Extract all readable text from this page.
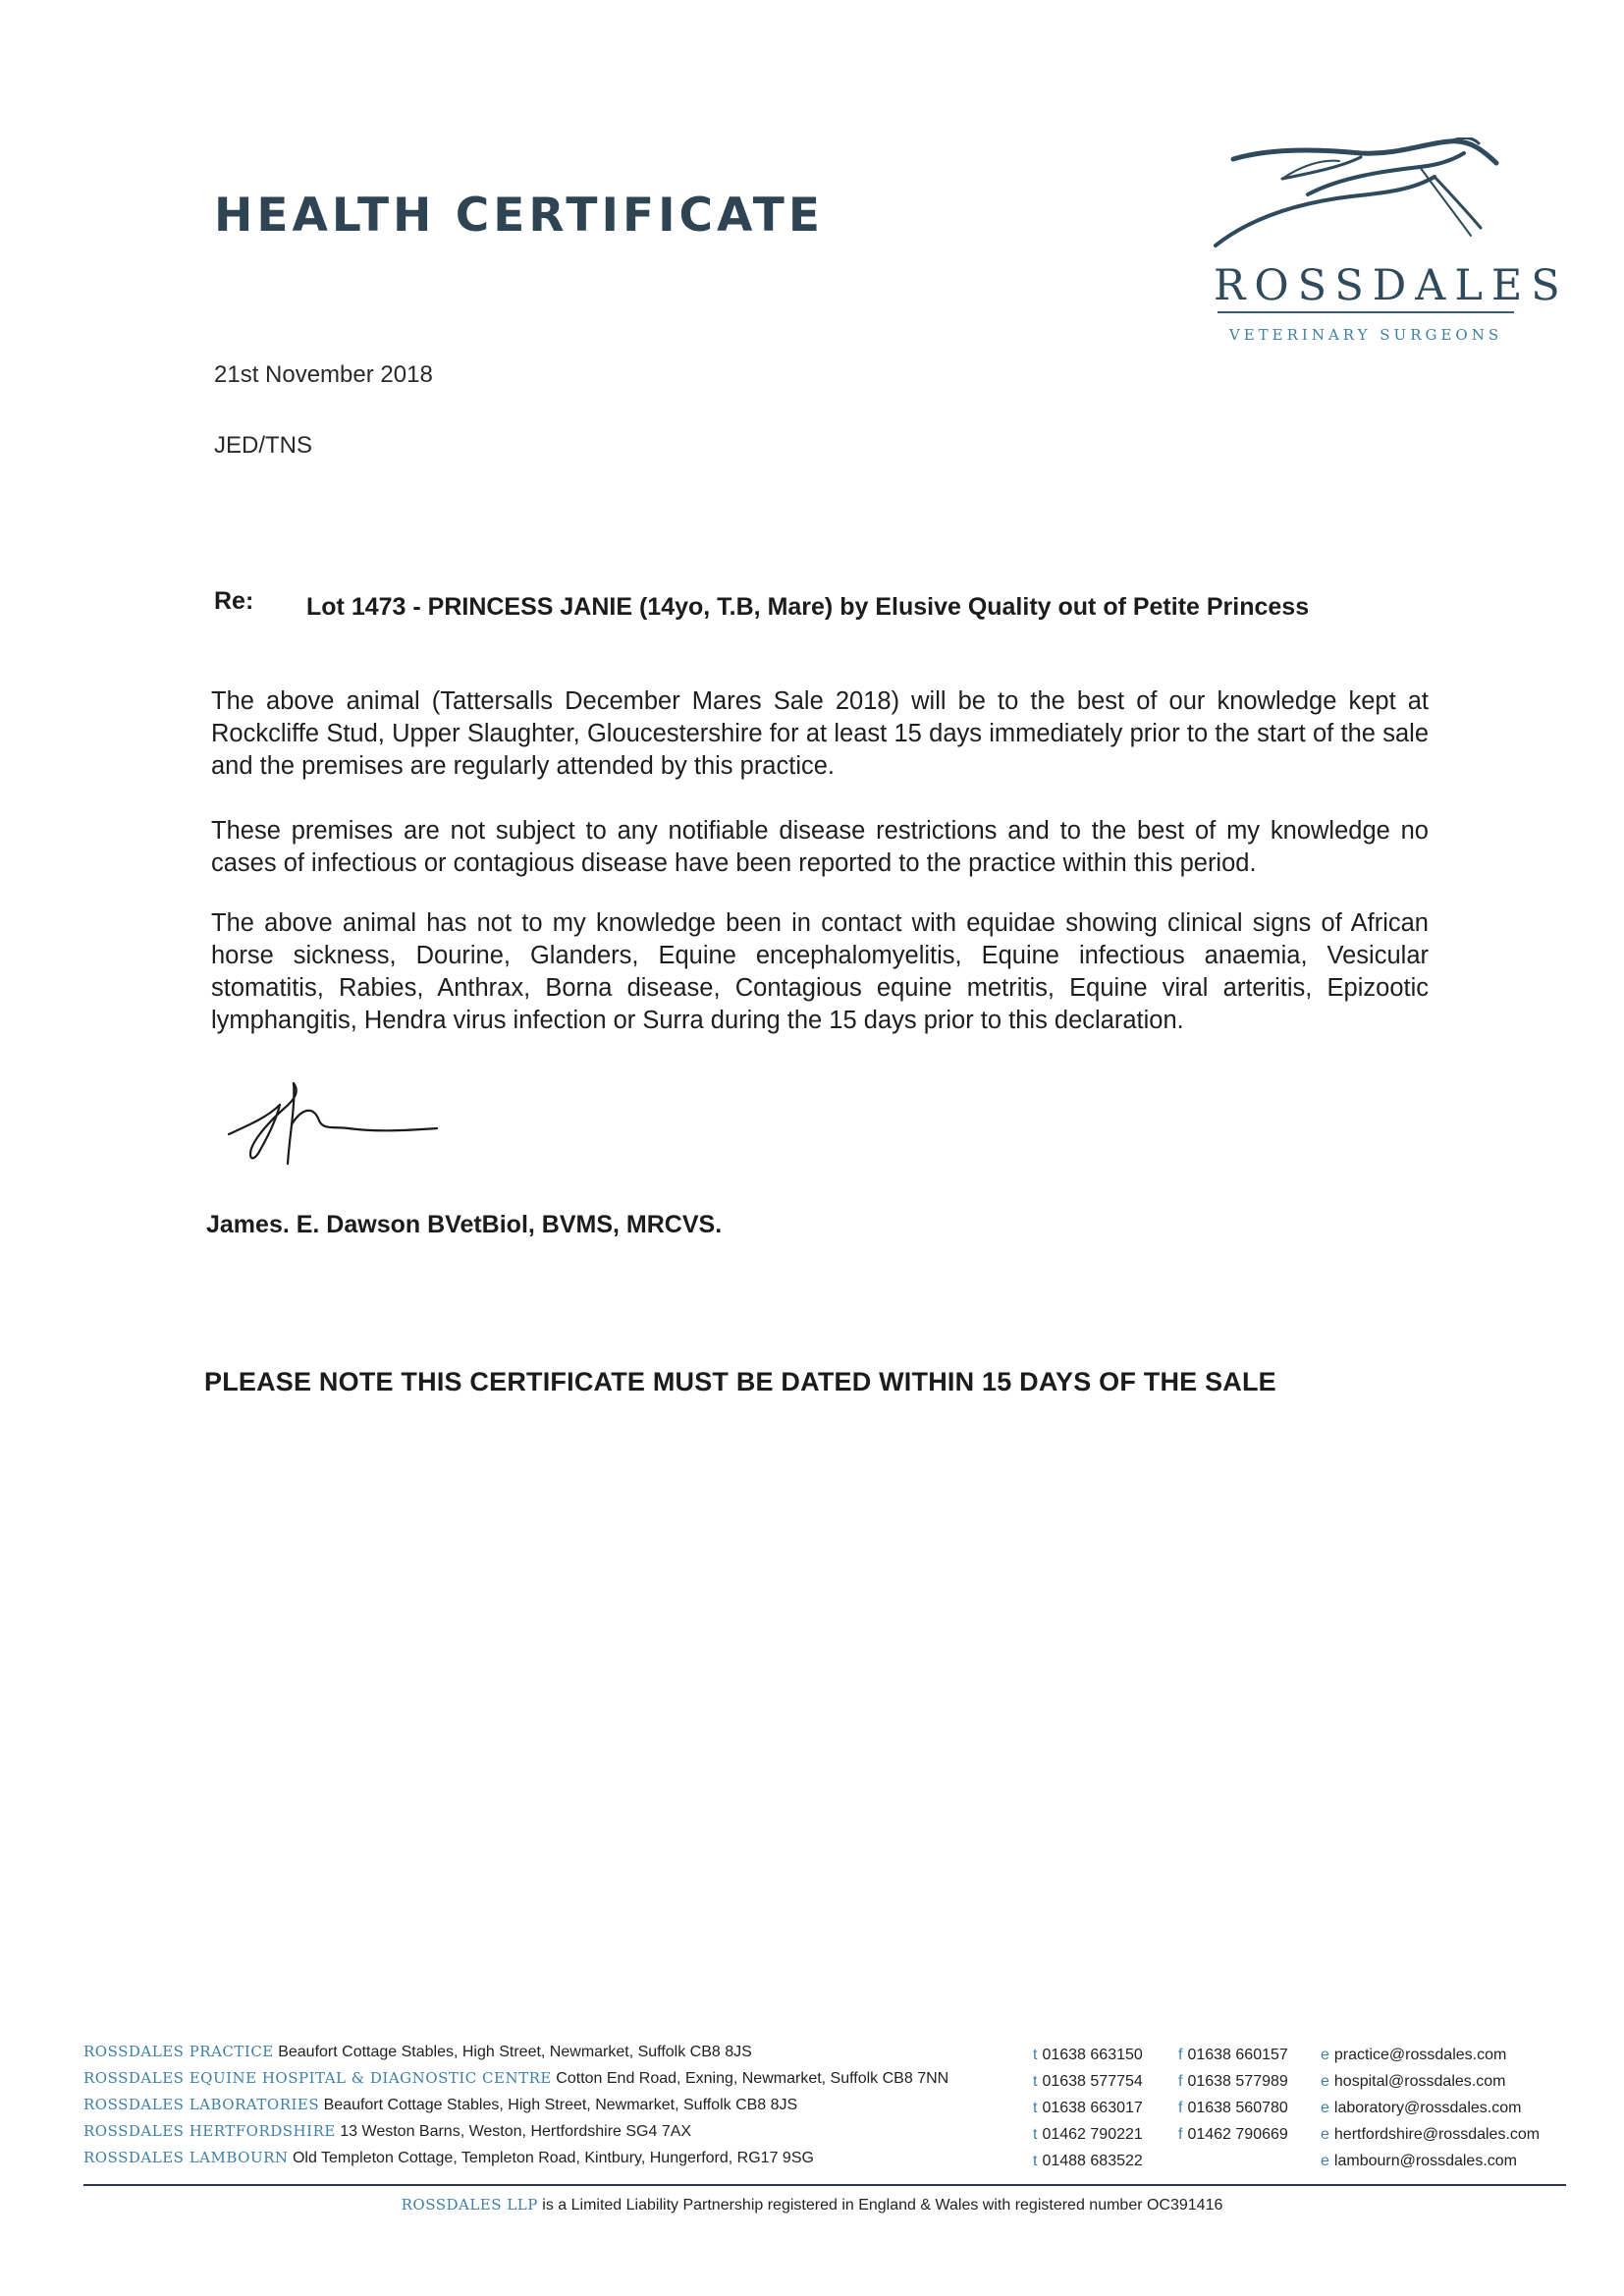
HEALTH CERTIFICATE
ROSSDALES
VETERINARY SURGEONS
21st November 2018
JED/TNS
Re: Lot 1473 - PRINCESS JANIE (14yo, T.B, Mare) by Elusive Quality out of Petite Princess

The above animal (Tattersalls December Mares Sale 2018) will be to the best of our knowledge kept at Rockcliffe Stud, Upper Slaughter, Gloucestershire for at least 15 days immediately prior to the start of the sale and the premises are regularly attended by this practice.

These premises are not subject to any notifiable disease restrictions and to the best of my knowledge no cases of infectious or contagious disease have been reported to the practice within this period.

The above animal has not to my knowledge been in contact with equidae showing clinical signs of African horse sickness, Dourine, Glanders, Equine encephalomyelitis, Equine infectious anaemia, Vesicular stomatitis, Rabies, Anthrax, Borna disease, Contagious equine metritis, Equine viral arteritis, Epizootic lymphangitis, Hendra virus infection or Surra during the 15 days prior to this declaration.

James. E. Dawson BVetBiol, BVMS, MRCVS.
PLEASE NOTE THIS CERTIFICATE MUST BE DATED WITHIN 15 DAYS OF THE SALE
ROSSDALES PRACTICE Beaufort Cottage Stables, High Street, Newmarket, Suffolk CB8 8JS
ROSSDALES EQUINE HOSPITAL & DIAGNOSTIC CENTRE Cotton End Road, Exning, Newmarket, Suffolk CB8 7NN
ROSSDALES LABORATORIES Beaufort Cottage Stables, High Street, Newmarket, Suffolk CB8 8JS
ROSSDALES HERTFORDSHIRE 13 Weston Barns, Weston, Hertfordshire SG4 7AX
ROSSDALES LAMBOURN Old Templeton Cottage, Templeton Road, Kintbury, Hungerford, RG17 9SG
t 01638 663150
t 01638 577754
t 01638 663017
t 01462 790221
t 01488 683522
f 01638 660157
f 01638 577989
f 01638 560780
f 01462 790669
e practice@rossdales.com
e hospital@rossdales.com
e laboratory@rossdales.com
e hertfordshire@rossdales.com
e lambourn@rossdales.com
ROSSDALES LLP is a Limited Liability Partnership registered in England & Wales with registered number OC391416
